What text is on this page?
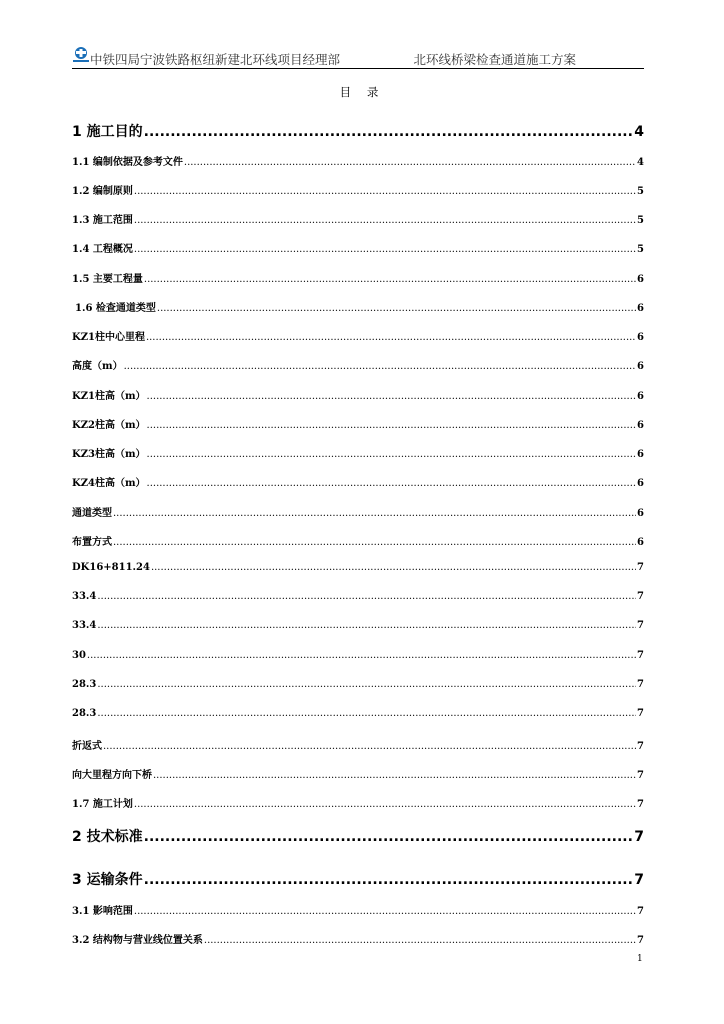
中铁四局宁波铁路枢纽新建北环线项目经理部	北环线桥梁检查通道施工方案
目 录
1 施工目的 .....	4
1.1 编制依据及参考文件 .....	4
1.2 编制原则 .....	5
1.3 施工范围 .....	5
1.4 工程概况 .....	5
1.5 主要工程量 .....	6
1.6 检查通道类型 .....	6
KZ1柱中心里程 .....	6
高度（m） .....	6
KZ1柱高（m） .....	6
KZ2柱高（m） .....	6
KZ3柱高（m） .....	6
KZ4柱高（m） .....	6
通道类型 .....	6
布置方式 .....	6
DK16+811.24 .....	7
33.4 .....	7
33.4 .....	7
30 .....	7
28.3 .....	7
28.3 .....	7
折返式 .....	7
向大里程方向下桥 .....	7
1.7 施工计划 .....	7
2 技术标准 .....	7
3 运输条件 .....	7
3.1 影响范围 .....	7
3.2 结构物与营业线位置关系 .....	7
1
